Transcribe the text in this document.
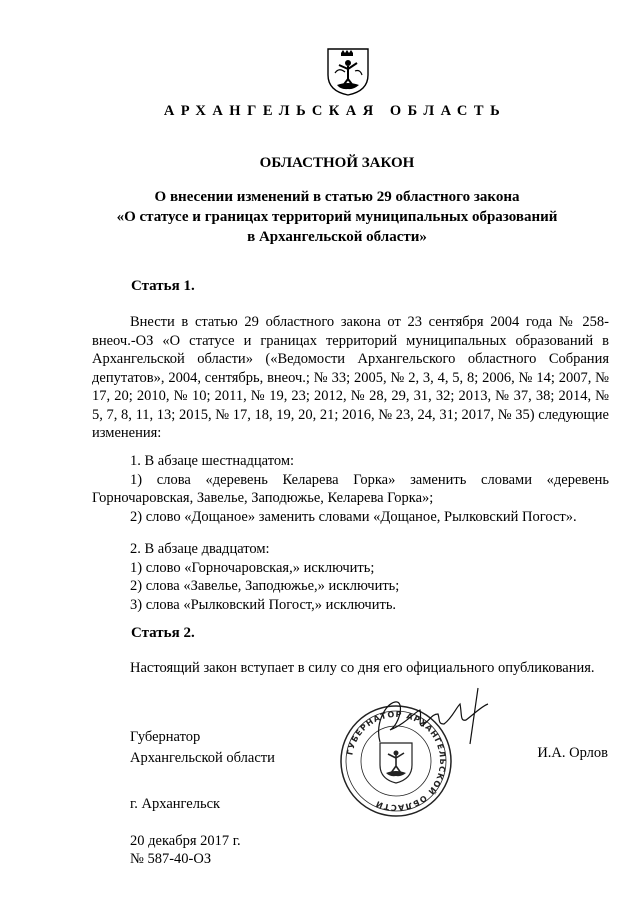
АРХАНГЕЛЬСКАЯ ОБЛАСТЬ
ОБЛАСТНОЙ ЗАКОН
О внесении изменений в статью 29 областного закона
«О статусе и границах территорий муниципальных образований
в Архангельской области»
Статья 1.
Внести в статью 29 областного закона от 23 сентября 2004 года № 258-внеоч.-ОЗ «О статусе и границах территорий муниципальных образований в Архангельской области» («Ведомости Архангельского областного Собрания депутатов», 2004, сентябрь, внеоч.; № 33; 2005, № 2, 3, 4, 5, 8; 2006, № 14; 2007, № 17, 20; 2010, № 10; 2011, № 19, 23; 2012, № 28, 29, 31, 32; 2013, № 37, 38; 2014, № 5, 7, 8, 11, 13; 2015, № 17, 18, 19, 20, 21; 2016, № 23, 24, 31; 2017, № 35) следующие изменения:
1. В абзаце шестнадцатом:
1) слова «деревень Келарева Горка» заменить словами «деревень Горночаровская, Завелье, Заподюжье, Келарева Горка»;
2) слово «Дощаное» заменить словами «Дощаное, Рылковский Погост».
2. В абзаце двадцатом:
1) слово «Горночаровская,» исключить;
2) слова «Завелье, Заподюжье,» исключить;
3) слова «Рылковский Погост,» исключить.
Статья 2.
Настоящий закон вступает в силу со дня его официального опубликования.
ГУБЕРНАТОР АРХАНГЕЛЬСКОЙ ОБЛАСТИ
Губернатор
Архангельской области	И.А. Орлов
г. Архангельск
20 декабря 2017 г.
№ 587-40-ОЗ
